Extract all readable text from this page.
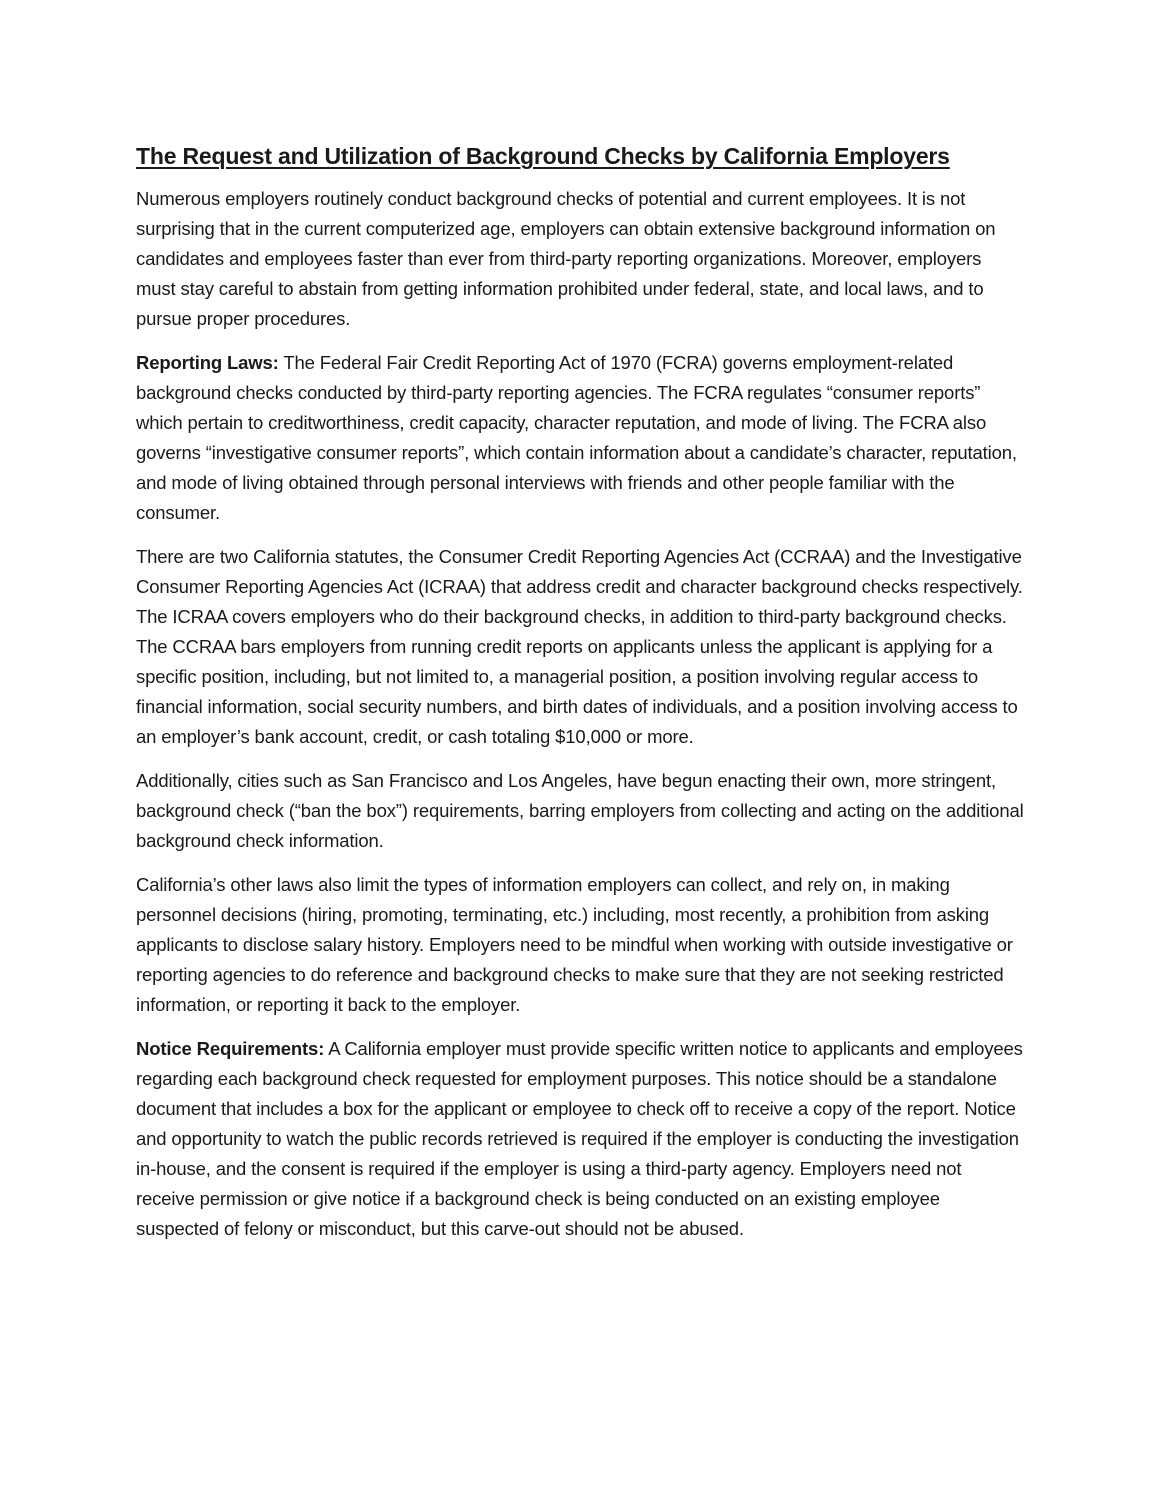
The Request and Utilization of Background Checks by California Employers

Numerous employers routinely conduct background checks of potential and current employees. It is not surprising that in the current computerized age, employers can obtain extensive background information on candidates and employees faster than ever from third-party reporting organizations. Moreover, employers must stay careful to abstain from getting information prohibited under federal, state, and local laws, and to pursue proper procedures.

Reporting Laws: The Federal Fair Credit Reporting Act of 1970 (FCRA) governs employment-related background checks conducted by third-party reporting agencies. The FCRA regulates “consumer reports” which pertain to creditworthiness, credit capacity, character reputation, and mode of living. The FCRA also governs “investigative consumer reports”, which contain information about a candidate’s character, reputation, and mode of living obtained through personal interviews with friends and other people familiar with the consumer.

There are two California statutes, the Consumer Credit Reporting Agencies Act (CCRAA) and the Investigative Consumer Reporting Agencies Act (ICRAA) that address credit and character background checks respectively. The ICRAA covers employers who do their background checks, in addition to third-party background checks. The CCRAA bars employers from running credit reports on applicants unless the applicant is applying for a specific position, including, but not limited to, a managerial position, a position involving regular access to financial information, social security numbers, and birth dates of individuals, and a position involving access to an employer’s bank account, credit, or cash totaling $10,000 or more.

Additionally, cities such as San Francisco and Los Angeles, have begun enacting their own, more stringent, background check (“ban the box”) requirements, barring employers from collecting and acting on the additional background check information.

California’s other laws also limit the types of information employers can collect, and rely on, in making personnel decisions (hiring, promoting, terminating, etc.) including, most recently, a prohibition from asking applicants to disclose salary history. Employers need to be mindful when working with outside investigative or reporting agencies to do reference and background checks to make sure that they are not seeking restricted information, or reporting it back to the employer.

Notice Requirements: A California employer must provide specific written notice to applicants and employees regarding each background check requested for employment purposes. This notice should be a standalone document that includes a box for the applicant or employee to check off to receive a copy of the report. Notice and opportunity to watch the public records retrieved is required if the employer is conducting the investigation in-house, and the consent is required if the employer is using a third-party agency. Employers need not receive permission or give notice if a background check is being conducted on an existing employee suspected of felony or misconduct, but this carve-out should not be abused.
